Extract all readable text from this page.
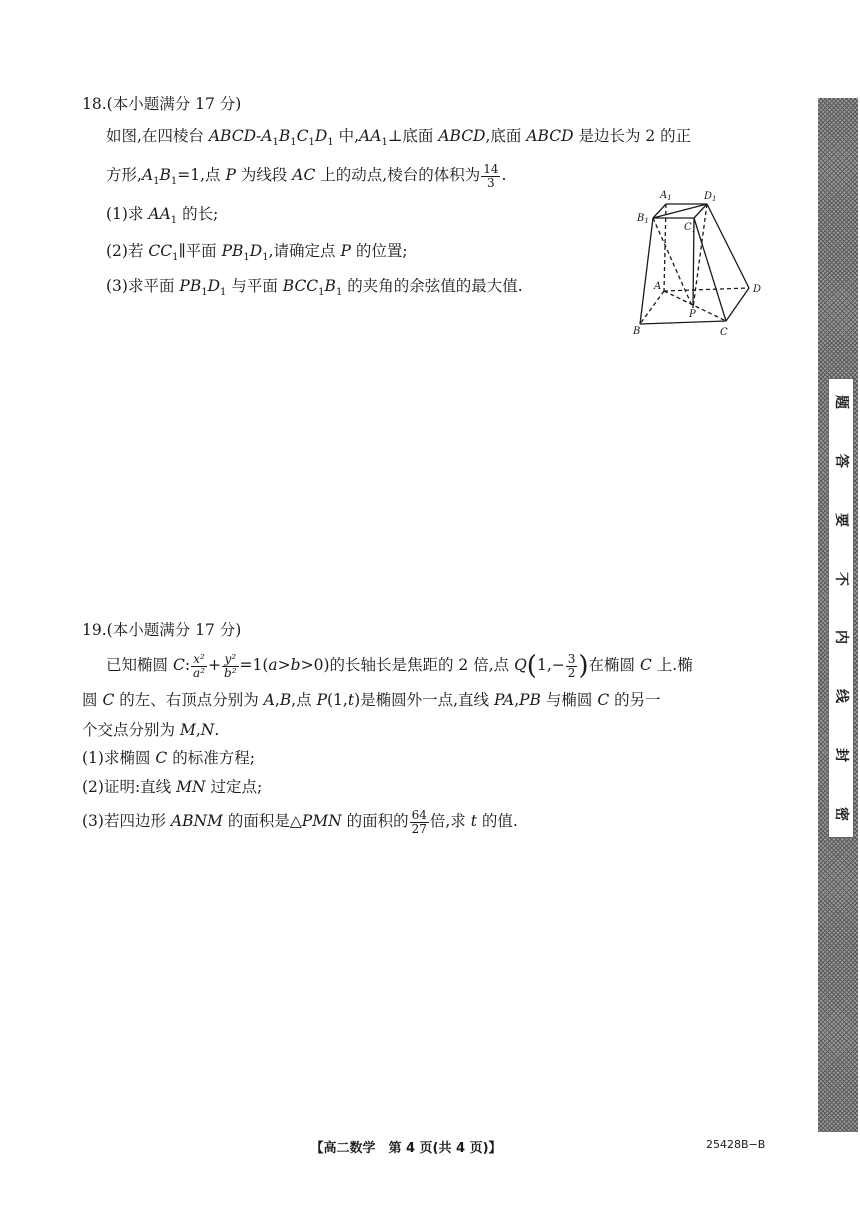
18.(本小题满分 17 分)
如图,在四棱台 ABCD-$A_1B_1C_1D_1$ 中$,AA_1\perp$底面 ABCD,底面 ABCD 是边长为 2 的正
方形$,A_1B_1=1$,点 P 为线段 AC 上的动点,棱台的体积为 $\frac{14}{3}$ .
(1)求 $AA_1$ 的长;
(2)若 $CC_1\parallel$平面 $PB_1D_1$,请确定点 P 的位置;
(3)求平面 $PB_1D_1$ 与平面 $BCC_1B_1$ 的夹角的余弦值的最大值.
$A_1$	$D_1$
$B_1$
$C_1$
A	D
P
B	C
19.(本小题满分 17 分)
已知椭圆 C: $\frac{\text{x²}}{\text{a²}} + \frac{\text{y²}}{\text{b²}} =1(a>b>0)$的长轴长是焦距的 2 倍,点 $Q(1,- \frac{3}{2}$ )在椭圆 C 上.椭
圆 C 的左、右顶点分别为 A,B,点 P(1,t)是椭圆外一点,直线 PA,PB 与椭圆 C 的另一
个交点分别为 M,N.
(1)求椭圆 C 的标准方程;
(2)证明:直线 MN 过定点;
(3)若四边形 ABNM 的面积是△PMN 的面积的 $\frac{64}{27}$ 倍,求 t 的值.
题
答
要
不
内
线
封
密
【高二数学　第 4 页(共 4 页)】	25428B−B
